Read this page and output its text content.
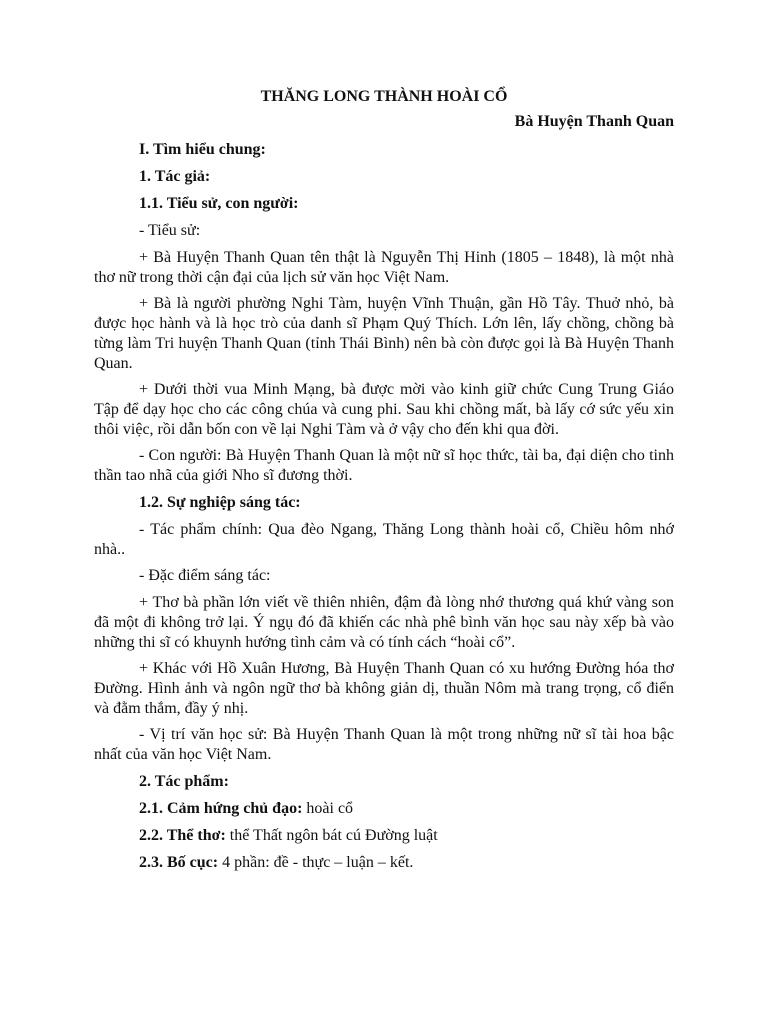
THĂNG LONG THÀNH HOÀI CỔ

Bà Huyện Thanh Quan

I. Tìm hiểu chung:

1. Tác giả:

1.1. Tiểu sử, con người:

- Tiểu sử:

+ Bà Huyện Thanh Quan tên thật là Nguyễn Thị Hinh (1805 – 1848), là một nhà thơ nữ trong thời cận đại của lịch sử văn học Việt Nam.

+ Bà là người phường Nghi Tàm, huyện Vĩnh Thuận, gần Hồ Tây. Thuở nhỏ, bà được học hành và là học trò của danh sĩ Phạm Quý Thích. Lớn lên, lấy chồng, chồng bà từng làm Tri huyện Thanh Quan (tỉnh Thái Bình) nên bà còn được gọi là Bà Huyện Thanh Quan.

+ Dưới thời vua Minh Mạng, bà được mời vào kinh giữ chức Cung Trung Giáo Tập để dạy học cho các công chúa và cung phi. Sau khi chồng mất, bà lấy cớ sức yếu xin thôi việc, rồi dẫn bốn con về lại Nghi Tàm và ở vậy cho đến khi qua đời.

- Con người: Bà Huyện Thanh Quan là một nữ sĩ học thức, tài ba, đại diện cho tinh thần tao nhã của giới Nho sĩ đương thời.

1.2. Sự nghiệp sáng tác:

- Tác phẩm chính: Qua đèo Ngang, Thăng Long thành hoài cổ, Chiều hôm nhớ nhà..

- Đặc điểm sáng tác:

+ Thơ bà phần lớn viết về thiên nhiên, đậm đà lòng nhớ thương quá khứ vàng son đã một đi không trở lại. Ý ngụ đó đã khiến các nhà phê bình văn học sau này xếp bà vào những thi sĩ có khuynh hướng tình cảm và có tính cách “hoài cổ”.

+ Khác với Hồ Xuân Hương, Bà Huyện Thanh Quan có xu hướng Đường hóa thơ Đường. Hình ảnh và ngôn ngữ thơ bà không giản dị, thuần Nôm mà trang trọng, cổ điển và đằm thắm, đầy ý nhị.

- Vị trí văn học sử: Bà Huyện Thanh Quan là một trong những nữ sĩ tài hoa bậc nhất của văn học Việt Nam.

2. Tác phẩm:

2.1. Cảm hứng chủ đạo: hoài cổ

2.2. Thể thơ: thể Thất ngôn bát cú Đường luật

2.3. Bố cục: 4 phần: đề - thực – luận – kết.
